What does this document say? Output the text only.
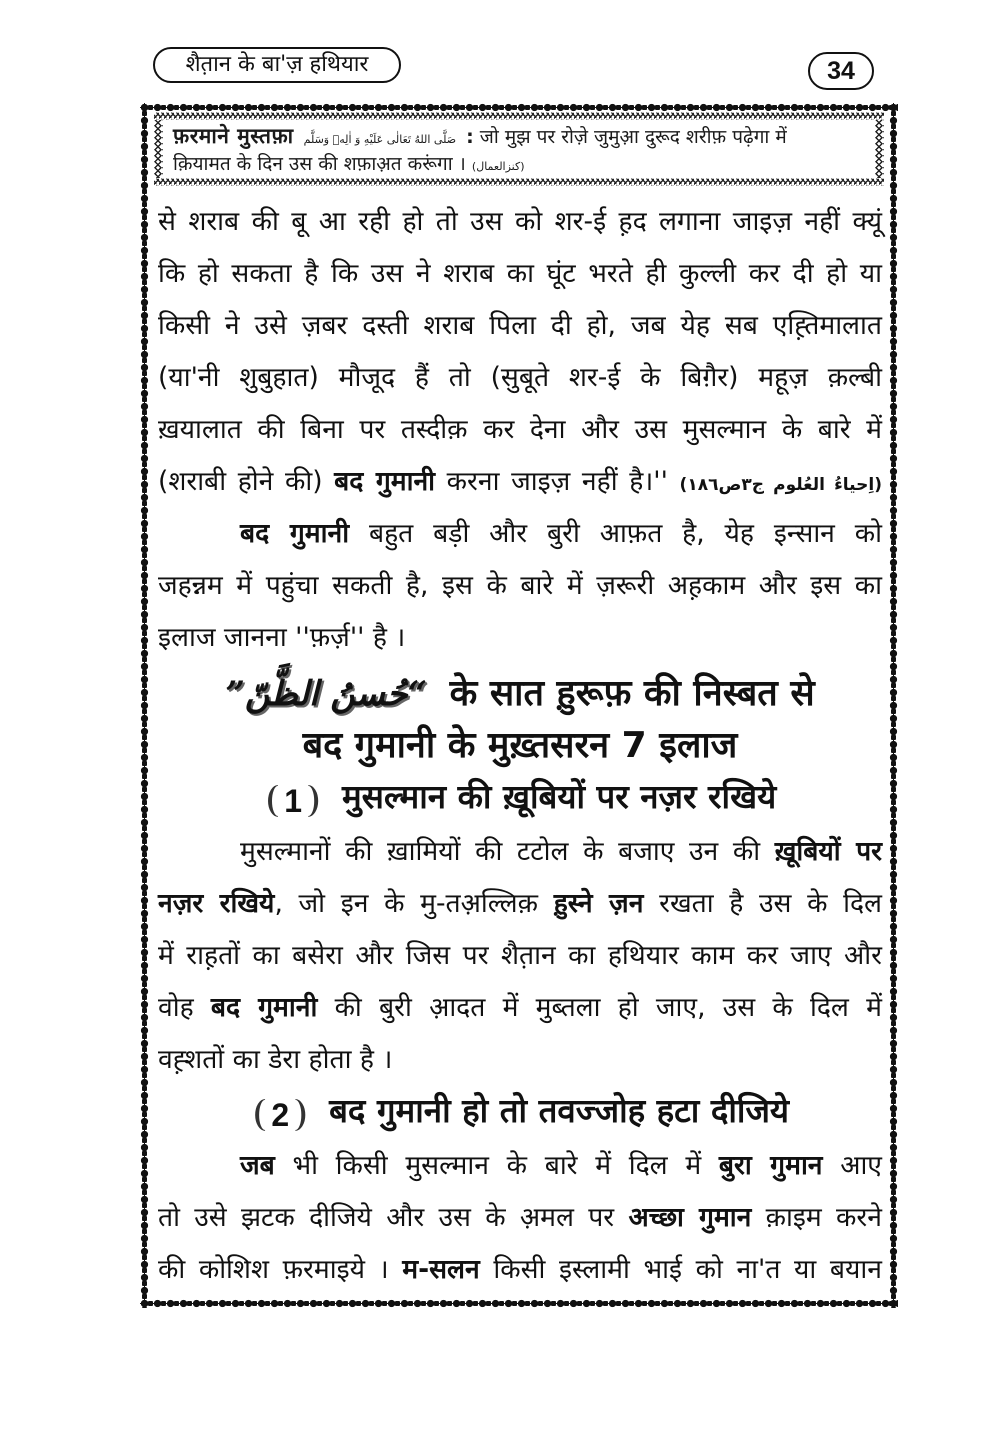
शैत़ान के बा'ज़ हथियार	34
फ़रमाने मुस्तफ़ा صَلَّى اللهُ تَعَالٰى عَلَيْهِ وَ اٰلِهٖ وَسَلَّم : जो मुझ पर रोज़े जुमुआ़ दुरूद शरीफ़ पढ़ेगा में
क़ियामत के दिन उस की शफ़ाअ़त करूंगा । (کنزالعمال)
से शराब की बू आ रही हो तो उस को शर-ई ह़द लगाना जाइज़ नहीं क्यूं
कि हो सकता है कि उस ने शराब का घूंट भरते ही कुल्ली कर दी हो या
किसी ने उसे ज़बर दस्ती शराब पिला दी हो, जब येह सब एह़्तिमालात
(या'नी शुबुहात) मौजूद हैं तो (सुबूते शर-ई के बिग़ैर) महूज़ क़ल्बी
ख़यालात की बिना पर तस्दीक़ कर देना और उस मुसल्मान के बारे में
(शराबी होने की) बद गुमानी करना जाइज़ नहीं है।'' (اِحیاءُ العُلوم ج۳ص۱۸٦)
बद गुमानी बहुत बड़ी और बुरी आफ़त है, येह इन्सान को
जहन्नम में पहुंचा सकती है, इस के बारे में ज़रूरी अह़काम और इस का
इलाज जानना ''फ़र्ज़'' है ।
“حُسنُ الظَّنّ” के सात ह़ुरूफ़ की निस्बत से
बद गुमानी के मुख़्तसरन 7 इलाज
❨ 1 ❩ मुसल्मान की ख़ूबियों पर नज़र रखिये
मुसल्मानों की ख़ामियों की टटोल के बजाए उन की ख़ूबियों पर
नज़र रखिये, जो इन के मु-तअ़ल्लिक़ ह़ुस्ने ज़न रखता है उस के दिल
में राह़तों का बसेरा और जिस पर शैत़ान का हथियार काम कर जाए और
वोह बद गुमानी की बुरी आ़दत में मुब्तला हो जाए, उस के दिल में
वह़्शतों का डेरा होता है ।
❨ 2 ❩ बद गुमानी हो तो तवज्जोह हटा दीजिये
जब भी किसी मुसल्मान के बारे में दिल में बुरा गुमान आए
तो उसे झटक दीजिये और उस के अ़मल पर अच्छा गुमान क़ाइम करने
की कोशिश फ़रमाइये । म-सलन किसी इस्लामी भाई को ना'त या बयान
